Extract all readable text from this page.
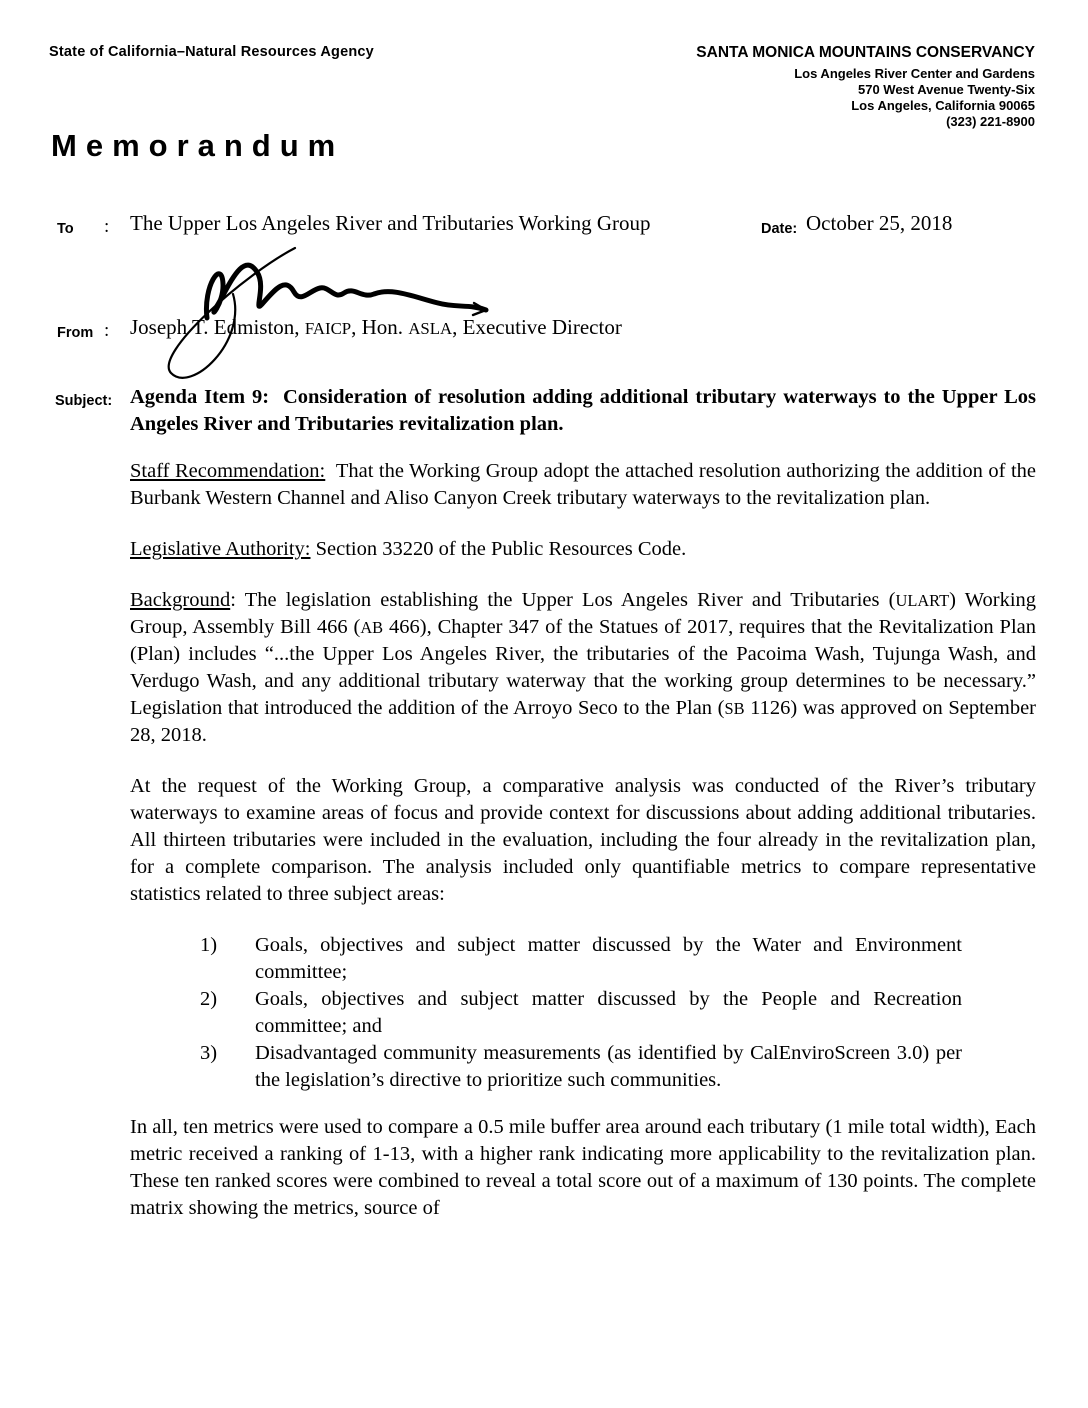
State of California–Natural Resources Agency	SANTA MONICA MOUNTAINS CONSERVANCY
Los Angeles River Center and Gardens
570 West Avenue Twenty-Six
Los Angeles, California 90065
(323) 221-8900
Memorandum
To : The Upper Los Angeles River and Tributaries Working Group	Date: October 25, 2018
From : Joseph T. Edmiston, FAICP, Hon. ASLA, Executive Director
Subject: Agenda Item 9:  Consideration of resolution adding additional tributary waterways to the Upper Los Angeles River and Tributaries revitalization plan.

Staff Recommendation:  That the Working Group adopt the attached resolution authorizing the addition of the Burbank Western Channel and Aliso Canyon Creek tributary waterways to the revitalization plan.

Legislative Authority: Section 33220 of the Public Resources Code.

Background: The legislation establishing the Upper Los Angeles River and Tributaries (ULART) Working Group, Assembly Bill 466 (AB 466), Chapter 347 of the Statues of 2017, requires that the Revitalization Plan (Plan) includes “...the Upper Los Angeles River, the tributaries of the Pacoima Wash, Tujunga Wash, and Verdugo Wash, and any additional tributary waterway that the working group determines to be necessary.” Legislation that introduced the addition of the Arroyo Seco to the Plan (SB 1126) was approved on September 28, 2018.

At the request of the Working Group, a comparative analysis was conducted of the River’s tributary waterways to examine areas of focus and provide context for discussions about adding additional tributaries. All thirteen tributaries were included in the evaluation, including the four already in the revitalization plan, for a complete comparison. The analysis included only quantifiable metrics to compare representative statistics related to three subject areas:

1)	Goals, objectives and subject matter discussed by the Water and Environment committee;
2)	Goals, objectives and subject matter discussed by the People and Recreation committee; and
3)	Disadvantaged community measurements (as identified by CalEnviroScreen 3.0) per the legislation’s directive to prioritize such communities.

In all, ten metrics were used to compare a 0.5 mile buffer area around each tributary (1 mile total width), Each metric received a ranking of 1-13, with a higher rank indicating more applicability to the revitalization plan. These ten ranked scores were combined to reveal a total score out of a maximum of 130 points. The complete matrix showing the metrics, source of
